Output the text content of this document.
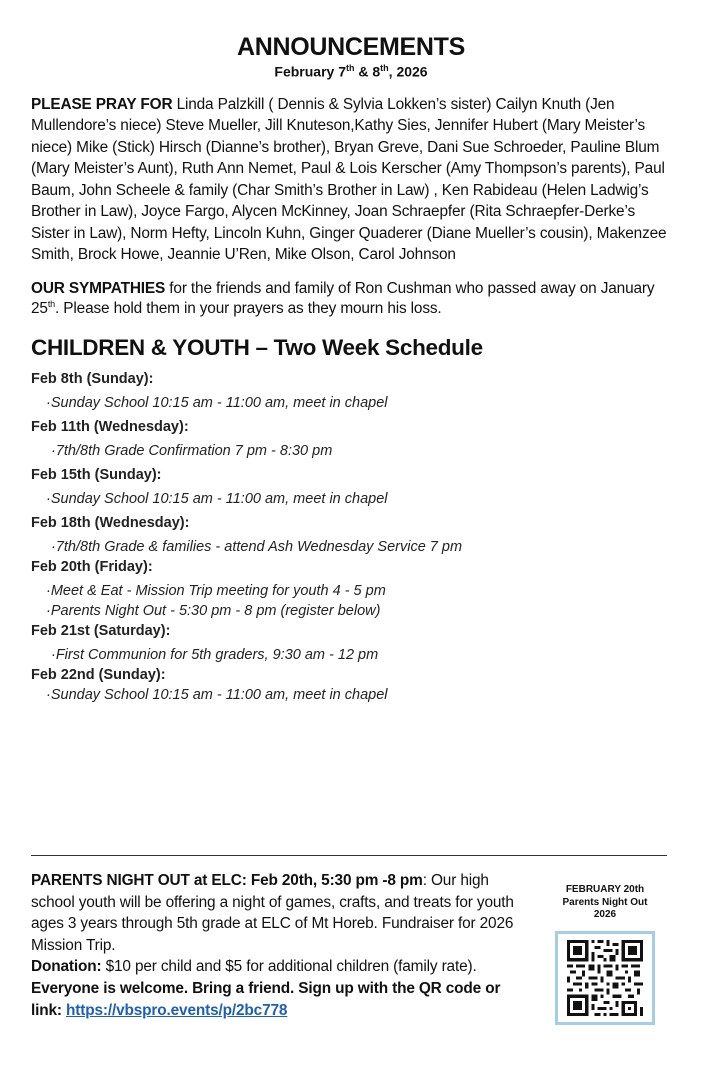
ANNOUNCEMENTS
February 7th & 8th, 2026
PLEASE PRAY FOR Linda Palzkill ( Dennis & Sylvia Lokken’s sister) Cailyn Knuth (Jen Mullendore’s niece) Steve Mueller, Jill Knuteson,Kathy Sies, Jennifer Hubert (Mary Meister’s niece) Mike (Stick) Hirsch (Dianne’s brother), Bryan Greve, Dani Sue Schroeder, Pauline Blum (Mary Meister’s Aunt), Ruth Ann Nemet, Paul & Lois Kerscher (Amy Thompson’s parents), Paul Baum, John Scheele & family (Char Smith’s Brother in Law) , Ken Rabideau (Helen Ladwig’s Brother in Law), Joyce Fargo, Alycen McKinney, Joan Schraepfer (Rita Schraepfer-Derke’s Sister in Law), Norm Hefty, Lincoln Kuhn, Ginger Quaderer (Diane Mueller’s cousin), Makenzee Smith, Brock Howe, Jeannie U’Ren, Mike Olson, Carol Johnson
OUR SYMPATHIES for the friends and family of Ron Cushman who passed away on January 25th. Please hold them in your prayers as they mourn his loss.
CHILDREN & YOUTH – Two Week Schedule
Feb 8th (Sunday):
·Sunday School 10:15 am - 11:00 am, meet in chapel
Feb 11th (Wednesday):
·7th/8th Grade Confirmation 7 pm - 8:30 pm
Feb 15th (Sunday):
·Sunday School 10:15 am - 11:00 am, meet in chapel
Feb 18th (Wednesday):
·7th/8th Grade & families - attend Ash Wednesday Service 7 pm
Feb 20th (Friday):
·Meet & Eat - Mission Trip meeting for youth 4 - 5 pm
·Parents Night Out - 5:30 pm - 8 pm (register below)
Feb 21st (Saturday):
·First Communion for 5th graders, 9:30 am - 12 pm
Feb 22nd (Sunday):
·Sunday School 10:15 am - 11:00 am, meet in chapel
PARENTS NIGHT OUT at ELC: Feb 20th, 5:30 pm -8 pm: Our high school youth will be offering a night of games, crafts, and treats for youth ages 3 years through 5th grade at ELC of Mt Horeb. Fundraiser for 2026 Mission Trip.
Donation: $10 per child and $5 for additional children (family rate).
Everyone is welcome. Bring a friend. Sign up with the QR code or link: https://vbspro.events/p/2bc778
FEBRUARY 20th
Parents Night Out
2026
